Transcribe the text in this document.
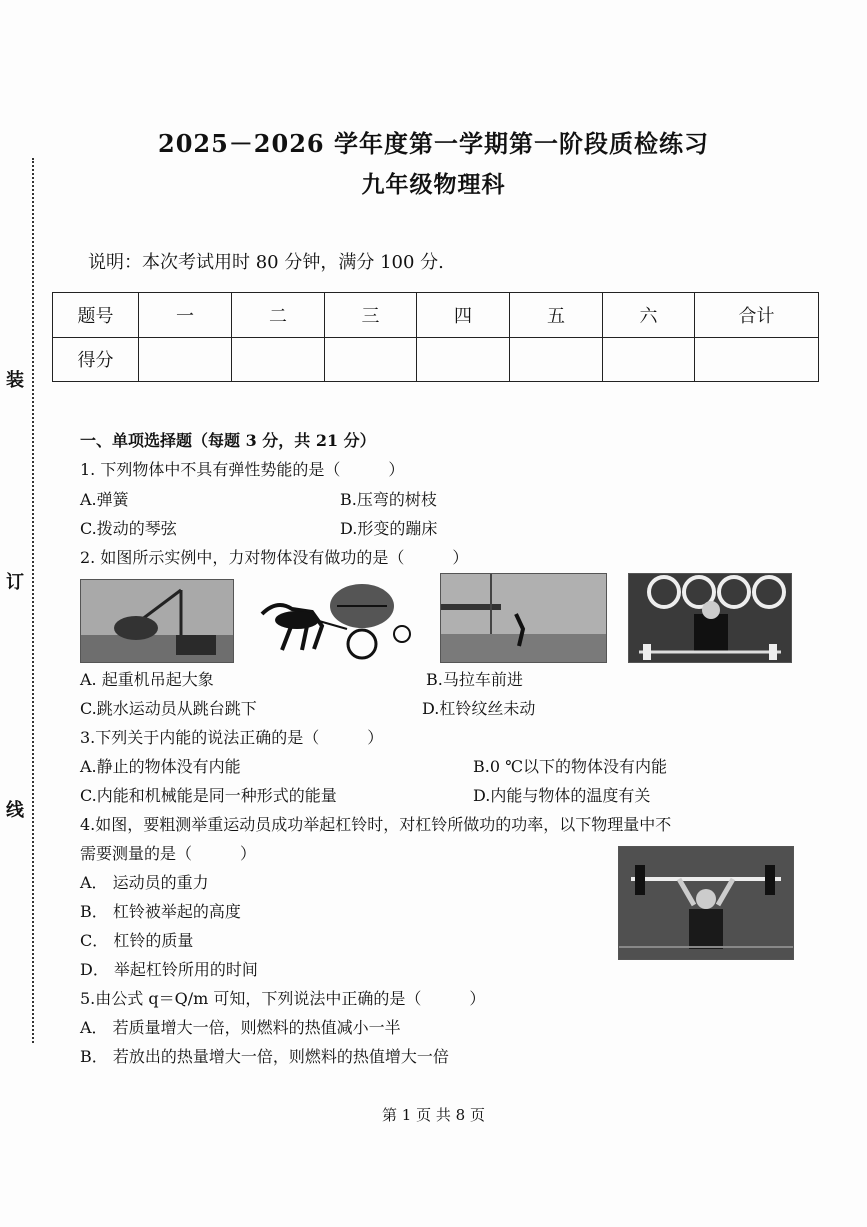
装
订
线
2025－2026 学年度第一学期第一阶段质检练习
九年级物理科
说明：本次考试用时 80 分钟，满分 100 分.
题号	一	二	三	四	五	六	合计
得分							
一、单项选择题（每题 3 分，共 21 分）
1. 下列物体中不具有弹性势能的是（　　　）
A.弹簧	B.压弯的树枝
C.拨动的琴弦	D.形变的蹦床
2. 如图所示实例中，力对物体没有做功的是（　　　）
A. 起重机吊起大象	B.马拉车前进
C.跳水运动员从跳台跳下	D.杠铃纹丝未动
3.下列关于内能的说法正确的是（　　　）
A.静止的物体没有内能	B.0 ℃以下的物体没有内能
C.内能和机械能是同一种形式的能量	D.内能与物体的温度有关
4.如图，要粗测举重运动员成功举起杠铃时，对杠铃所做功的功率，以下物理量中不
需要测量的是（　　　）
A． 运动员的重力
B． 杠铃被举起的高度
C． 杠铃的质量
D． 举起杠铃所用的时间
5.由公式 q＝Q/m 可知，下列说法中正确的是（　　　）
A． 若质量增大一倍，则燃料的热值减小一半
B． 若放出的热量增大一倍，则燃料的热值增大一倍
第 1 页 共 8 页
